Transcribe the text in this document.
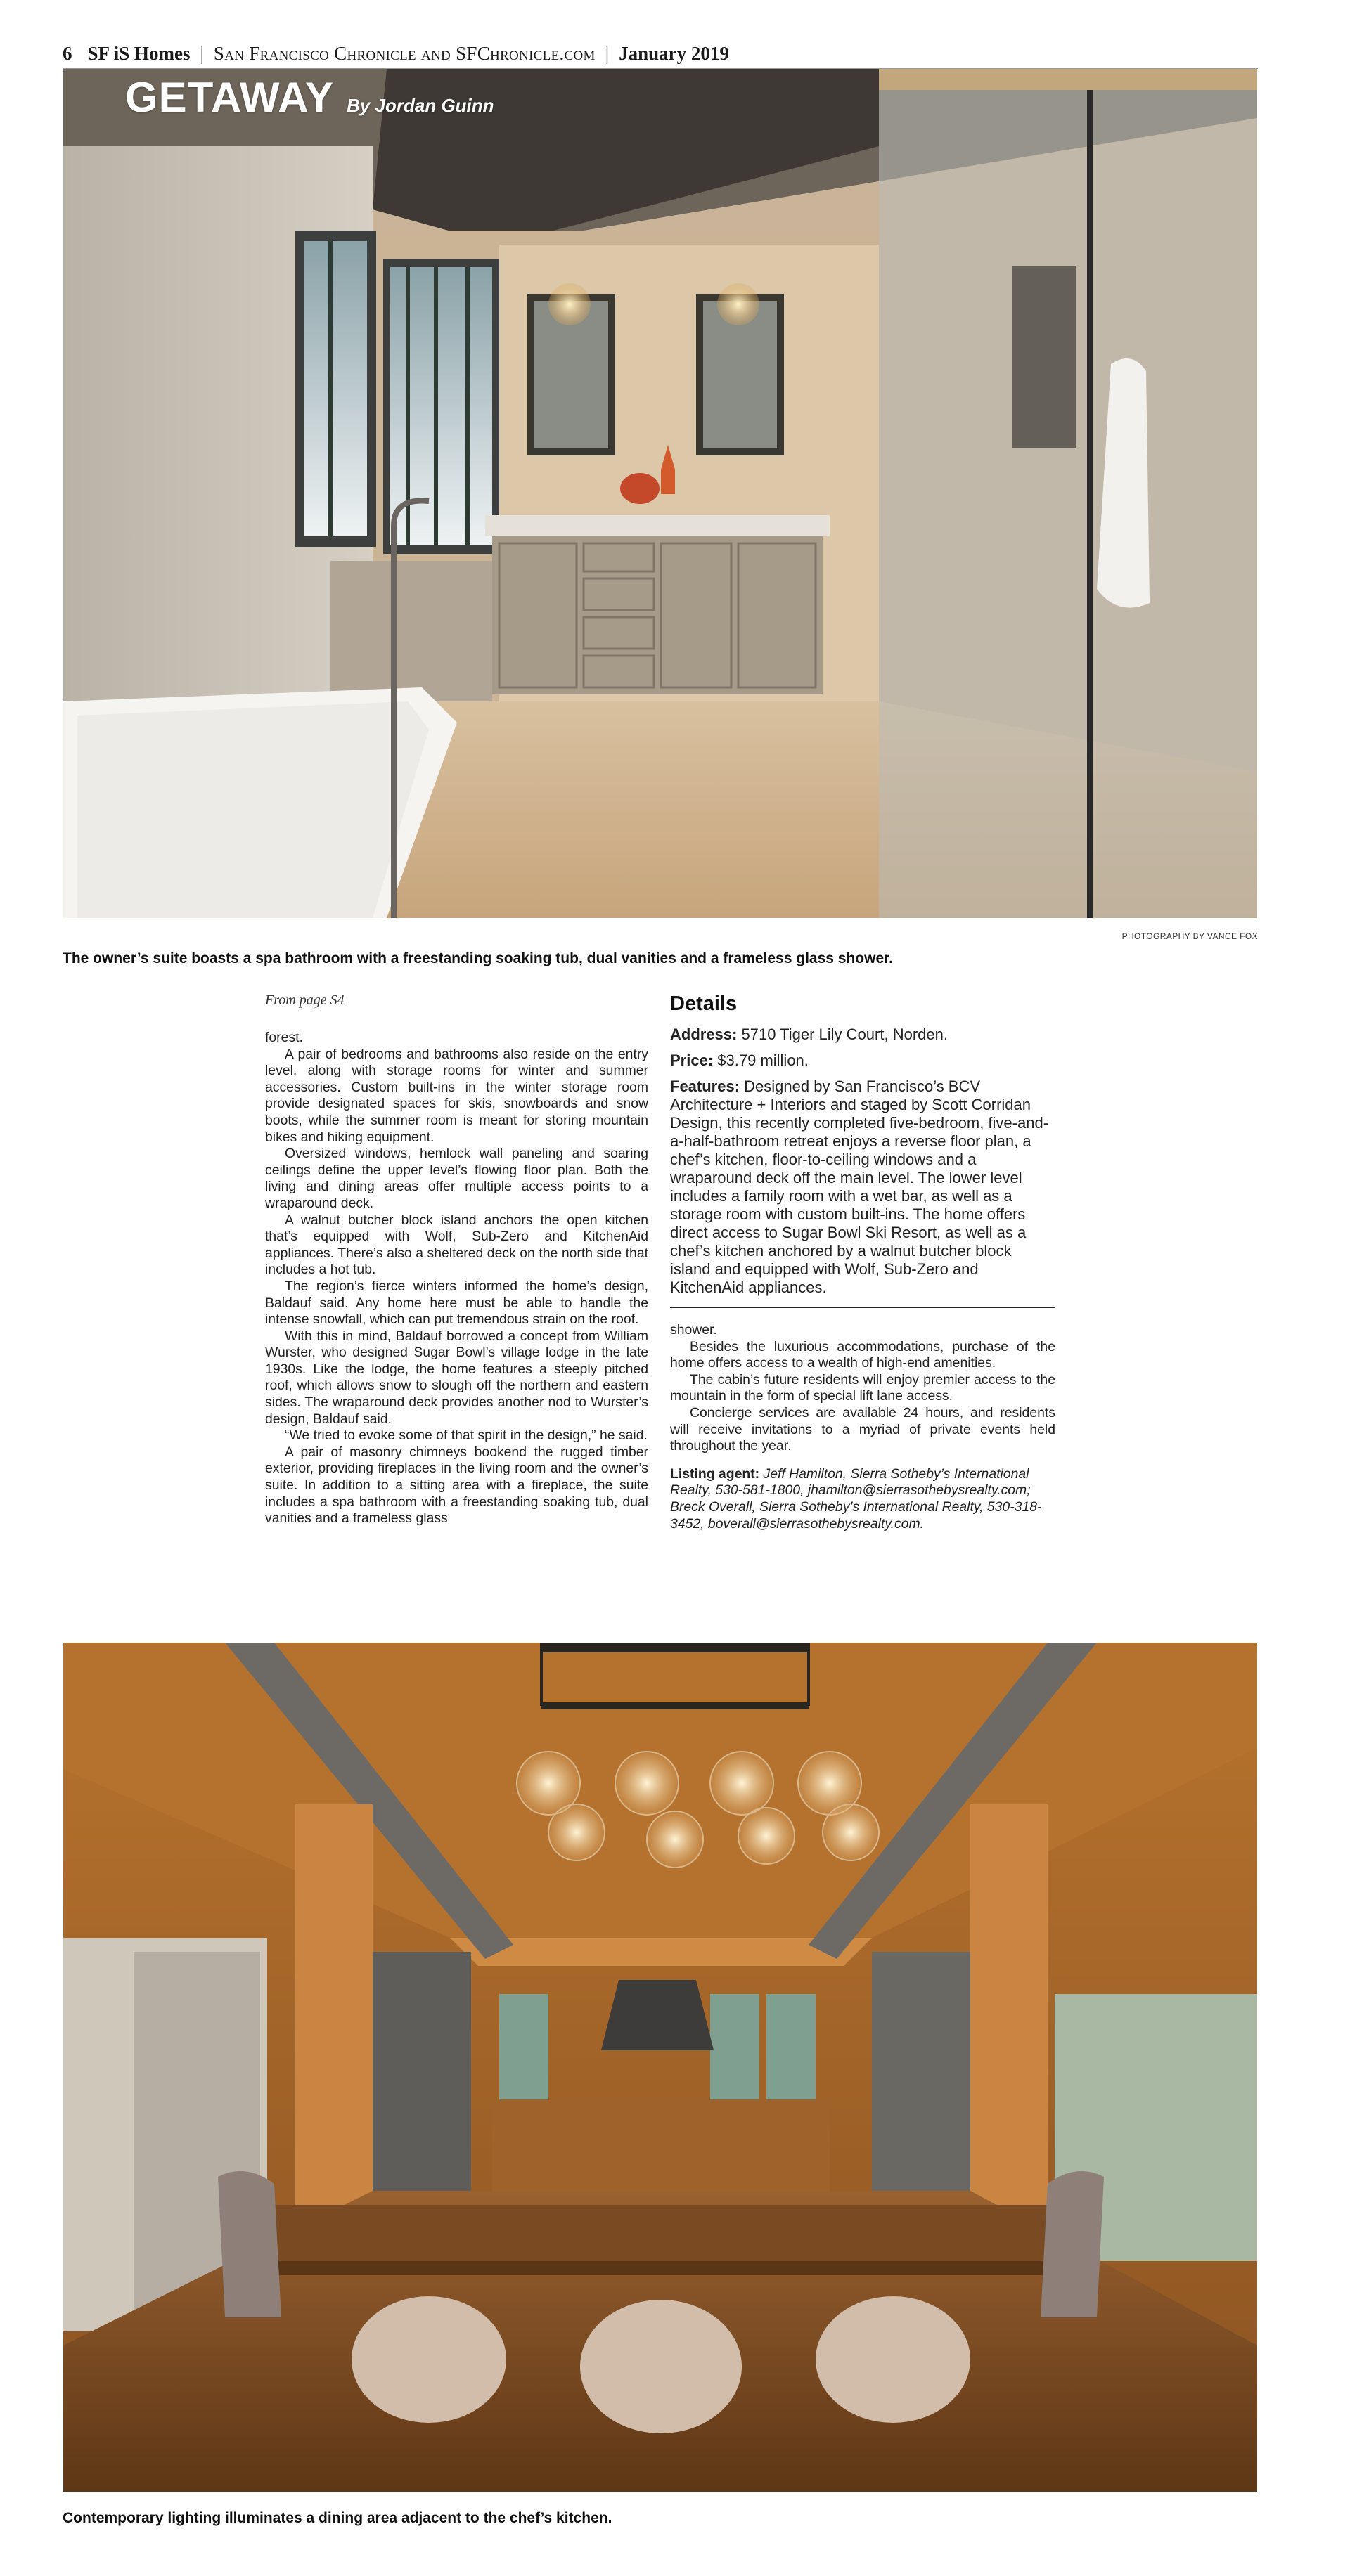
6 SF iS Homes | San Francisco Chronicle and SFChronicle.com | January 2019
GETAWAY By Jordan Guinn
PHOTOGRAPHY BY VANCE FOX
The owner’s suite boasts a spa bathroom with a freestanding soaking tub, dual vanities and a frameless glass shower.

From page S4

forest.

A pair of bedrooms and bathrooms also reside on the entry level, along with storage rooms for winter and summer accessories. Custom built-ins in the winter storage room provide designated spaces for skis, snowboards and snow boots, while the summer room is meant for storing mountain bikes and hiking equipment.

Oversized windows, hemlock wall paneling and soaring ceilings define the upper level’s flowing floor plan. Both the living and dining areas offer multiple access points to a wraparound deck.

A walnut butcher block island anchors the open kitchen that’s equipped with Wolf, Sub-Zero and KitchenAid appliances. There’s also a sheltered deck on the north side that includes a hot tub.

The region’s fierce winters informed the home’s design, Baldauf said. Any home here must be able to handle the intense snowfall, which can put tremendous strain on the roof.

With this in mind, Baldauf borrowed a concept from William Wurster, who designed Sugar Bowl’s village lodge in the late 1930s. Like the lodge, the home features a steeply pitched roof, which allows snow to slough off the northern and eastern sides. The wraparound deck provides another nod to Wurster’s design, Baldauf said.

“We tried to evoke some of that spirit in the design,” he said.

A pair of masonry chimneys bookend the rugged timber exterior, providing fireplaces in the living room and the owner’s suite. In addition to a sitting area with a fireplace, the suite includes a spa bathroom with a freestanding soaking tub, dual vanities and a frameless glass

Details

Address: 5710 Tiger Lily Court, Norden.

Price: $3.79 million.

Features: Designed by San Francisco’s BCV Architecture + Interiors and staged by Scott Corridan Design, this recently completed five-bedroom, five-and-a-half-bathroom retreat enjoys a reverse floor plan, a chef’s kitchen, floor-to-ceiling windows and a wraparound deck off the main level. The lower level includes a family room with a wet bar, as well as a storage room with custom built-ins. The home offers direct access to Sugar Bowl Ski Resort, as well as a chef’s kitchen anchored by a walnut butcher block island and equipped with Wolf, Sub-Zero and KitchenAid appliances.

shower.

Besides the luxurious accommodations, purchase of the home offers access to a wealth of high-end amenities.

The cabin’s future residents will enjoy premier access to the mountain in the form of special lift lane access.

Concierge services are available 24 hours, and residents will receive invitations to a myriad of private events held throughout the year.

Listing agent: Jeff Hamilton, Sierra Sotheby’s International Realty, 530-581-1800, jhamilton@sierrasothebysrealty.com; Breck Overall, Sierra Sotheby’s International Realty, 530-318-3452, boverall@sierrasothebysrealty.com.

Contemporary lighting illuminates a dining area adjacent to the chef’s kitchen.
